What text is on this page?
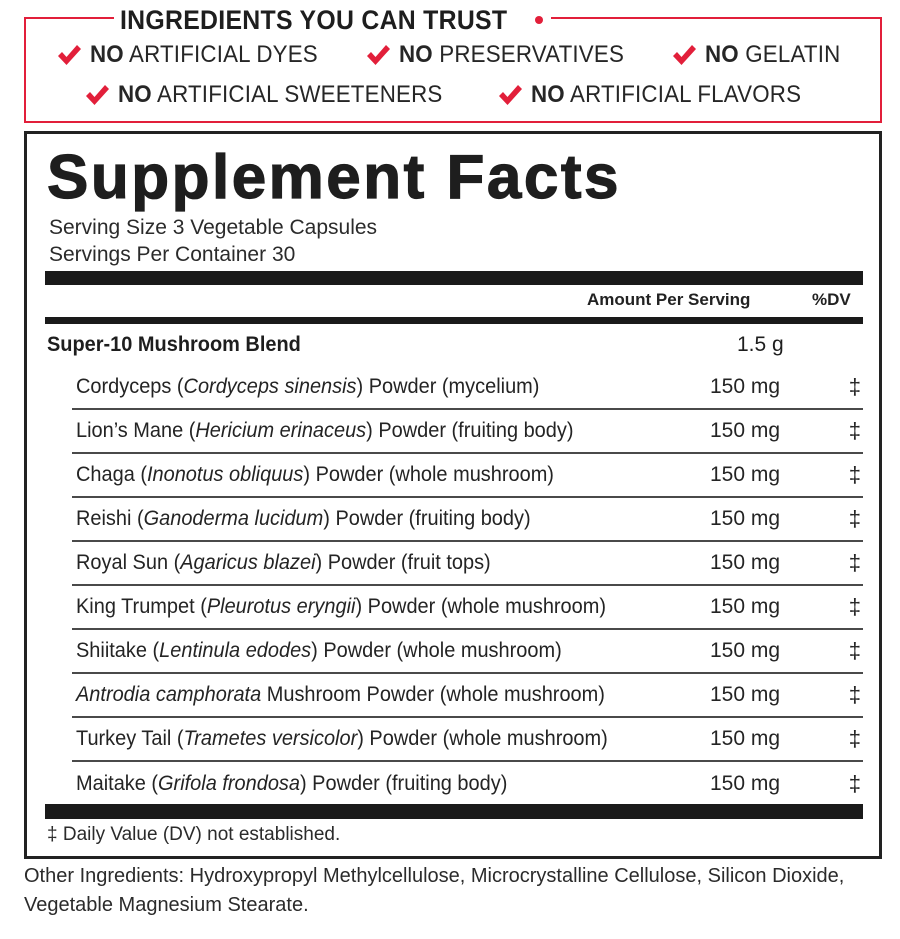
INGREDIENTS YOU CAN TRUST
NO ARTIFICIAL DYES	NO PRESERVATIVES	NO GELATIN
NO ARTIFICIAL SWEETENERS	NO ARTIFICIAL FLAVORS
Supplement Facts
Serving Size 3 Vegetable Capsules
Servings Per Container 30
Amount Per Serving	%DV
Super-10 Mushroom Blend	1.5 g
Cordyceps (Cordyceps sinensis) Powder (mycelium)	150 mg	‡
Lion’s Mane (Hericium erinaceus) Powder (fruiting body)	150 mg	‡
Chaga (Inonotus obliquus) Powder (whole mushroom)	150 mg	‡
Reishi (Ganoderma lucidum) Powder (fruiting body)	150 mg	‡
Royal Sun (Agaricus blazei) Powder (fruit tops)	150 mg	‡
King Trumpet (Pleurotus eryngii) Powder (whole mushroom)	150 mg	‡
Shiitake (Lentinula edodes) Powder (whole mushroom)	150 mg	‡
Antrodia camphorata Mushroom Powder (whole mushroom)	150 mg	‡
Turkey Tail (Trametes versicolor) Powder (whole mushroom)	150 mg	‡
Maitake (Grifola frondosa) Powder (fruiting body)	150 mg	‡
‡ Daily Value (DV) not established.
Other Ingredients: Hydroxypropyl Methylcellulose, Microcrystalline Cellulose, Silicon Dioxide, Vegetable Magnesium Stearate.
